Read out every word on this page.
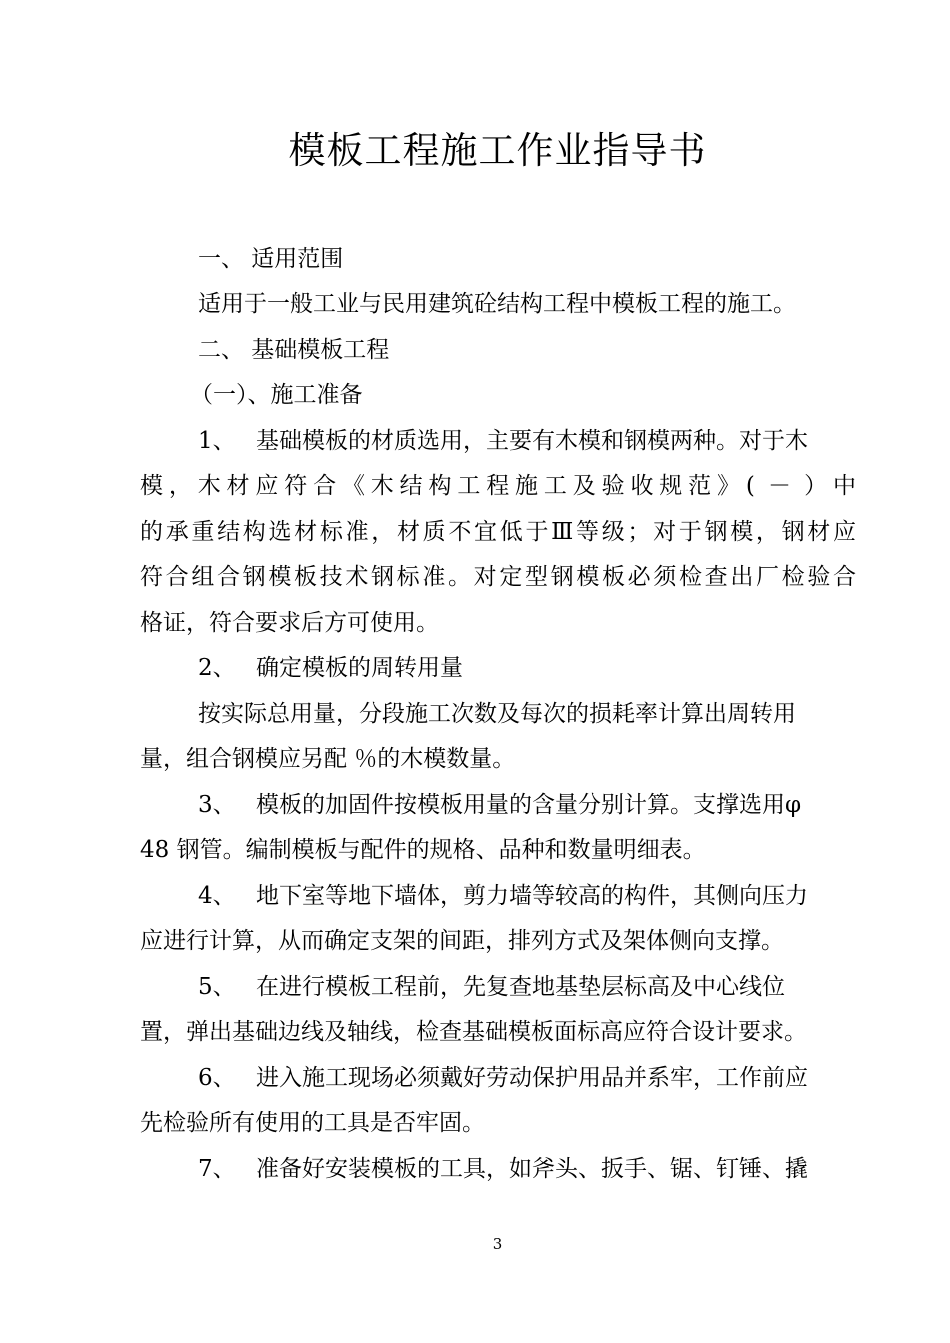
模板工程施工作业指导书
一、 适用范围
适用于一般工业与民用建筑砼结构工程中模板工程的施工。
二、 基础模板工程
（一）、施工准备
1、 基础模板的材质选用，主要有木模和钢模两种。对于木
模，木材应符合《木结构工程施工及验收规范》( － ）中
的承重结构选材标准，材质不宜低于Ⅲ等级；对于钢模，钢材应
符合组合钢模板技术钢标准。对定型钢模板必须检查出厂检验合
格证，符合要求后方可使用。
2、 确定模板的周转用量
按实际总用量，分段施工次数及每次的损耗率计算出周转用
量，组合钢模应另配 ％的木模数量。
3、 模板的加固件按模板用量的含量分别计算。支撑选用φ
48 钢管。编制模板与配件的规格、品种和数量明细表。
4、 地下室等地下墙体，剪力墙等较高的构件，其侧向压力
应进行计算，从而确定支架的间距，排列方式及架体侧向支撑。
5、 在进行模板工程前，先复查地基垫层标高及中心线位
置，弹出基础边线及轴线，检查基础模板面标高应符合设计要求。
6、 进入施工现场必须戴好劳动保护用品并系牢，工作前应
先检验所有使用的工具是否牢固。
7、 准备好安装模板的工具，如斧头、扳手、锯、钉锤、撬
3
